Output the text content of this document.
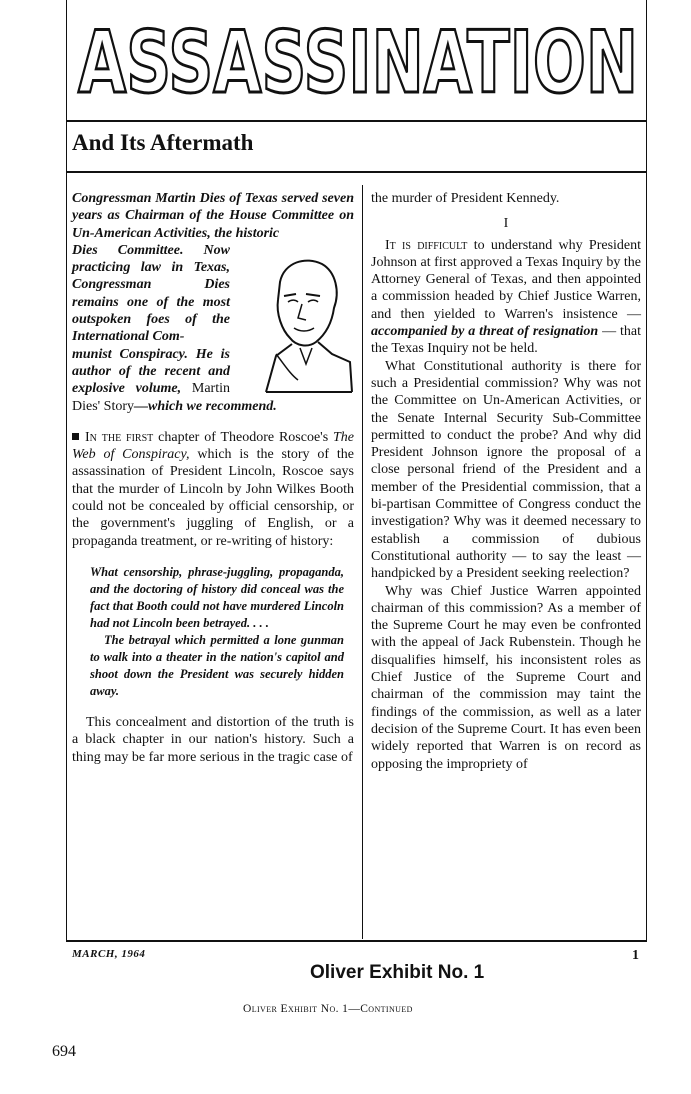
ASSASSINATION
And Its Aftermath
Congressman Martin Dies of Texas served seven years as Chairman of the House Committee on Un-American Activities, the historic
Dies Committee. Now practicing law in Texas, Congressman Dies remains one of the most outspoken foes of the International Com-
munist Conspiracy. He is author of the recent and explosive volume, Martin Dies' Story—which we recommend.

In the first chapter of Theodore Roscoe's The Web of Conspiracy, which is the story of the assassination of President Lincoln, Roscoe says that the murder of Lincoln by John Wilkes Booth could not be concealed by official censorship, or the government's juggling of English, or a propaganda treatment, or re-writing of history:

What censorship, phrase-juggling, propaganda, and the doctoring of history did conceal was the fact that Booth could not have murdered Lincoln had not Lincoln been betrayed. . . .

The betrayal which permitted a lone gunman to walk into a theater in the nation's capitol and shoot down the President was securely hidden away.

This concealment and distortion of the truth is a black chapter in our nation's history. Such a thing may be far more serious in the tragic case of

the murder of President Kennedy.

I

It is difficult to understand why President Johnson at first approved a Texas Inquiry by the Attorney General of Texas, and then appointed a commission headed by Chief Justice Warren, and then yielded to Warren's insistence — accompanied by a threat of resignation — that the Texas Inquiry not be held.

What Constitutional authority is there for such a Presidential commission? Why was not the Committee on Un-American Activities, or the Senate Internal Security Sub-Committee permitted to conduct the probe? And why did President Johnson ignore the proposal of a close personal friend of the President and a member of the Presidential commission, that a bi-partisan Committee of Congress conduct the investigation? Why was it deemed necessary to establish a commission of dubious Constitutional authority — to say the least — handpicked by a President seeking reelection?

Why was Chief Justice Warren appointed chairman of this commission? As a member of the Supreme Court he may even be confronted with the appeal of Jack Rubenstein. Though he disqualifies himself, his inconsistent roles as Chief Justice of the Supreme Court and chairman of the commission may taint the findings of the commission, as well as a later decision of the Supreme Court. It has even been widely reported that Warren is on record as opposing the impropriety of

MARCH, 1964	1
Oliver Exhibit No. 1
Oliver Exhibit No. 1—Continued
694
